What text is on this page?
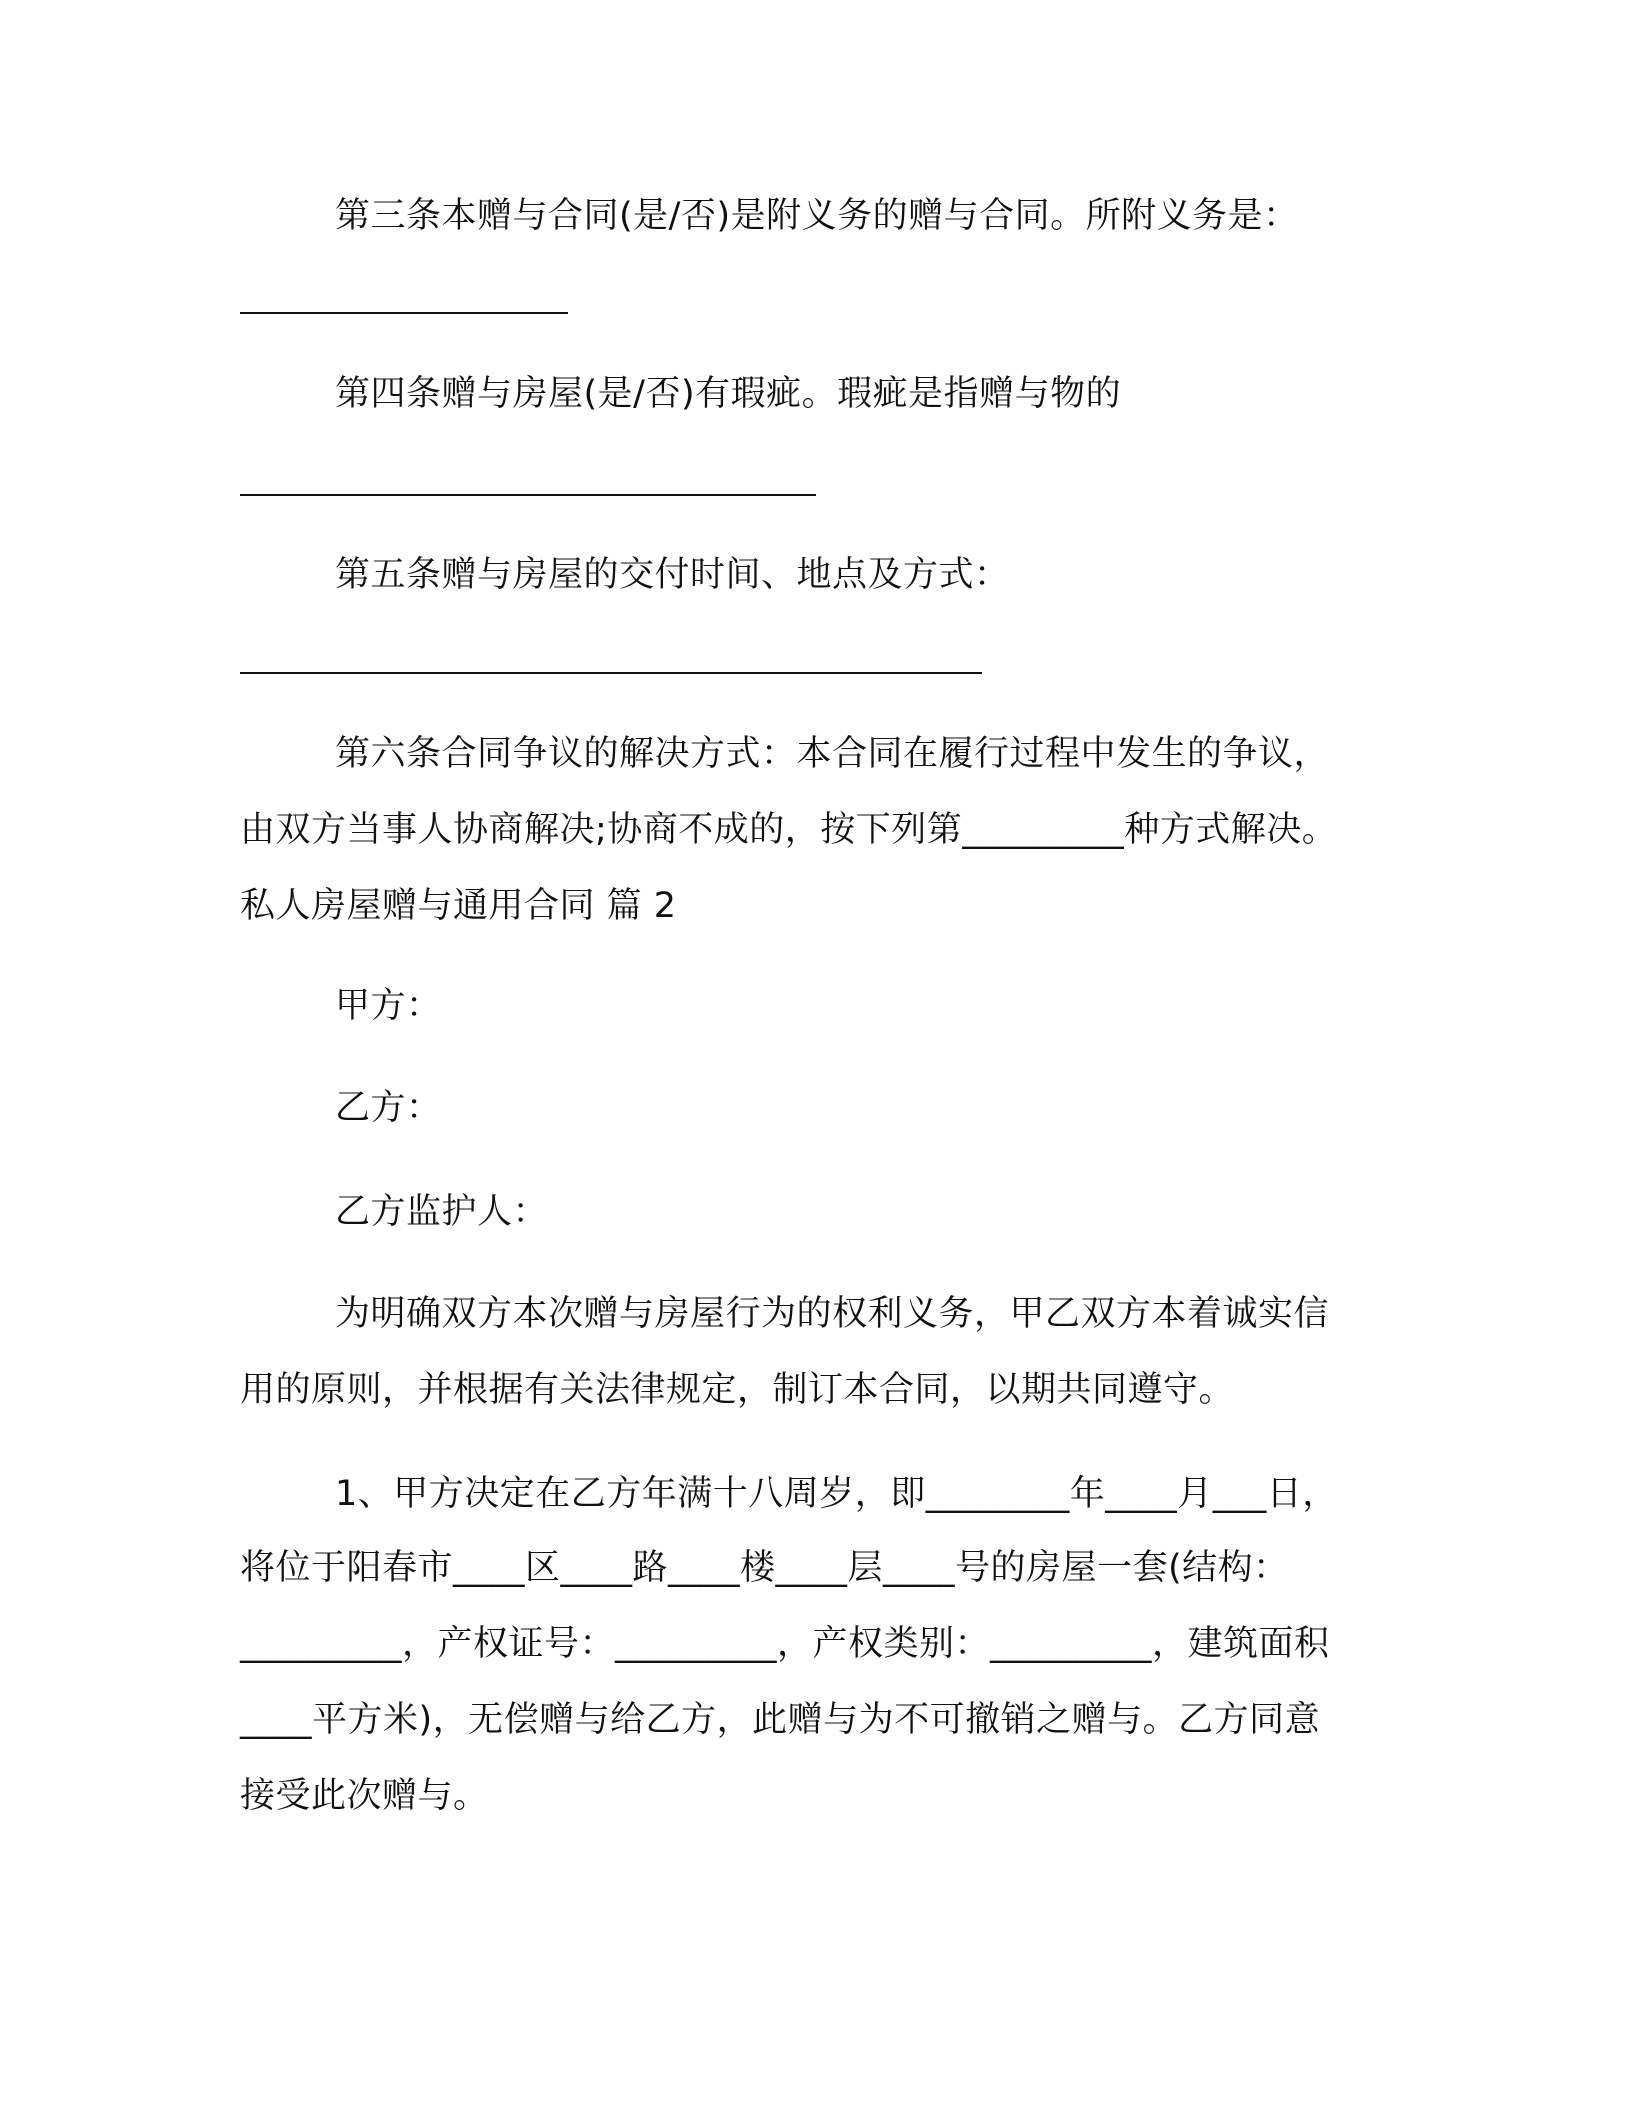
第三条本赠与合同(是/否)是附义务的赠与合同。所附义务是：
第四条赠与房屋(是/否)有瑕疵。瑕疵是指赠与物的
第五条赠与房屋的交付时间、地点及方式：
第六条合同争议的解决方式：本合同在履行过程中发生的争议，
由双方当事人协商解决;协商不成的，按下列第_________种方式解决。
私人房屋赠与通用合同 篇 2
甲方：
乙方：
乙方监护人：
为明确双方本次赠与房屋行为的权利义务，甲乙双方本着诚实信
用的原则，并根据有关法律规定，制订本合同，以期共同遵守。
1、甲方决定在乙方年满十八周岁，即________年____月___日，
将位于阳春市____区____路____楼____层____号的房屋一套(结构：
_________，产权证号：_________，产权类别：_________，建筑面积
____平方米)，无偿赠与给乙方，此赠与为不可撤销之赠与。乙方同意
接受此次赠与。
